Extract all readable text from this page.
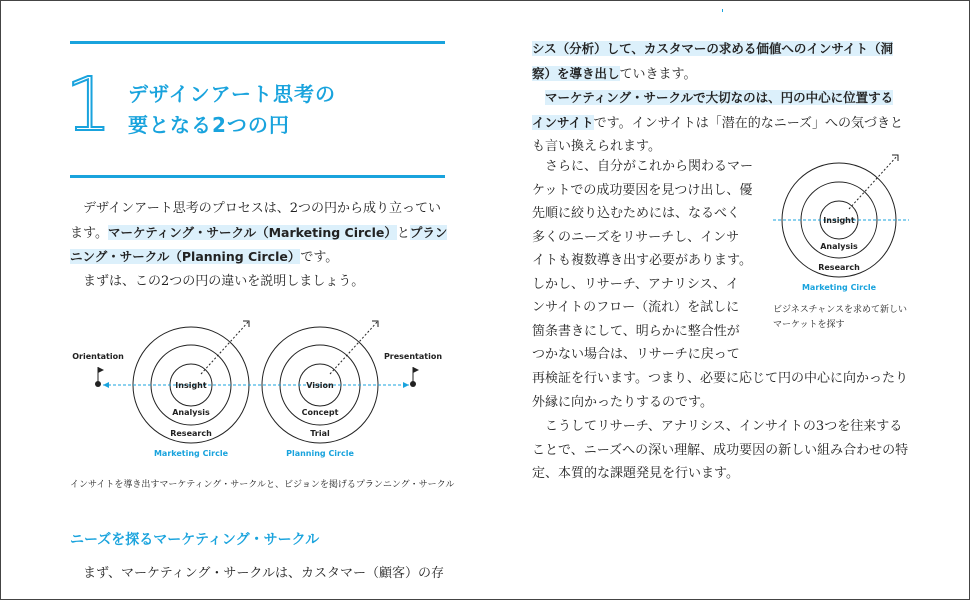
1 デザインアート思考の
要となる2つの円
デザインアート思考のプロセスは、2つの円から成り立ってい
ます。マーケティング・サークル（Marketing Circle）とプラン
ニング・サークル（Planning Circle）です。
まずは、この2つの円の違いを説明しましょう。
Orientation	Presentation
Insight
Analysis
Research
Marketing Circle
Vision
Concept
Trial
Planning Circle
インサイトを導き出すマーケティング・サークルと、ビジョンを掲げるプランニング・サークル
ニーズを探るマーケティング・サークル
まず、マーケティング・サークルは、カスタマー（顧客）の存
シス（分析）して、カスタマーの求める価値へのインサイト（洞
察）を導き出していきます。
マーケティング・サークルで大切なのは、円の中心に位置する
インサイトです。インサイトは「潜在的なニーズ」への気づきと
も言い換えられます。
さらに、自分がこれから関わるマー
ケットでの成功要因を見つけ出し、優
先順に絞り込むためには、なるべく
多くのニーズをリサーチし、インサ
イトも複数導き出す必要があります。
しかし、リサーチ、アナリシス、イ
ンサイトのフロー（流れ）を試しに
箇条書きにして、明らかに整合性が
つかない場合は、リサーチに戻って
再検証を行います。つまり、必要に応じて円の中心に向かったり
外縁に向かったりするのです。
こうしてリサーチ、アナリシス、インサイトの3つを往来する
ことで、ニーズへの深い理解、成功要因の新しい組み合わせの特
定、本質的な課題発見を行います。
Insight
Analysis
Research
Marketing Circle
ビジネスチャンスを求めて新しい
マーケットを探す
